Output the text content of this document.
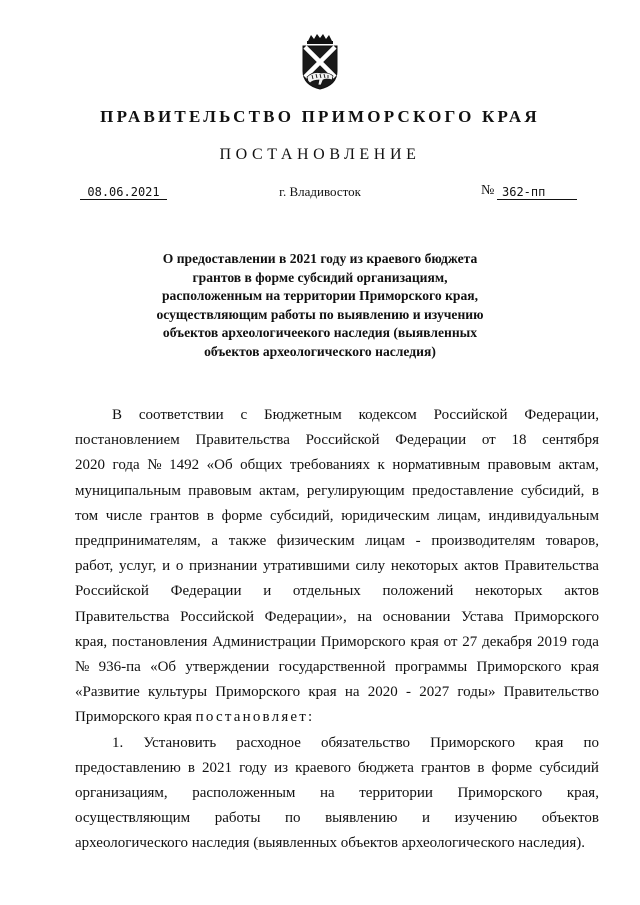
ПРАВИТЕЛЬСТВО ПРИМОРСКОГО КРАЯ
ПОСТАНОВЛЕНИЕ
08.06.2021	г. Владивосток	№ 362-пп
О предоставлении в 2021 году из краевого бюджета
грантов в форме субсидий организациям,
расположенным на территории Приморского края,
осуществляющим работы по выявлению и изучению
объектов археологичеекого наследия (выявленных
объектов археологического наследия)
В соответствии с Бюджетным кодексом Российской Федерации,
постановлением Правительства Российской Федерации от 18 сентября
2020 года № 1492 «Об общих требованиях к нормативным правовым актам,
муниципальным правовым актам, регулирующим предоставление субсидий, в
том числе грантов в форме субсидий, юридическим лицам, индивидуальным
предпринимателям, а также физическим лицам - производителям товаров,
работ, услуг, и о признании утратившими силу некоторых актов Правительства
Российской Федерации и отдельных положений некоторых актов
Правительства Российской Федерации», на основании Устава Приморского
края, постановления Администрации Приморского края от 27 декабря 2019 года
№ 936-па «Об утверждении государственной программы Приморского края
«Развитие культуры Приморского края на 2020 - 2027 годы» Правительство
Приморского края постановляет:
1. Установить расходное обязательство Приморского края по
предоставлению в 2021 году из краевого бюджета грантов в форме субсидий
организациям, расположенным на территории Приморского края,
осуществляющим работы по выявлению и изучению объектов
археологического наследия (выявленных объектов археологического наследия).
